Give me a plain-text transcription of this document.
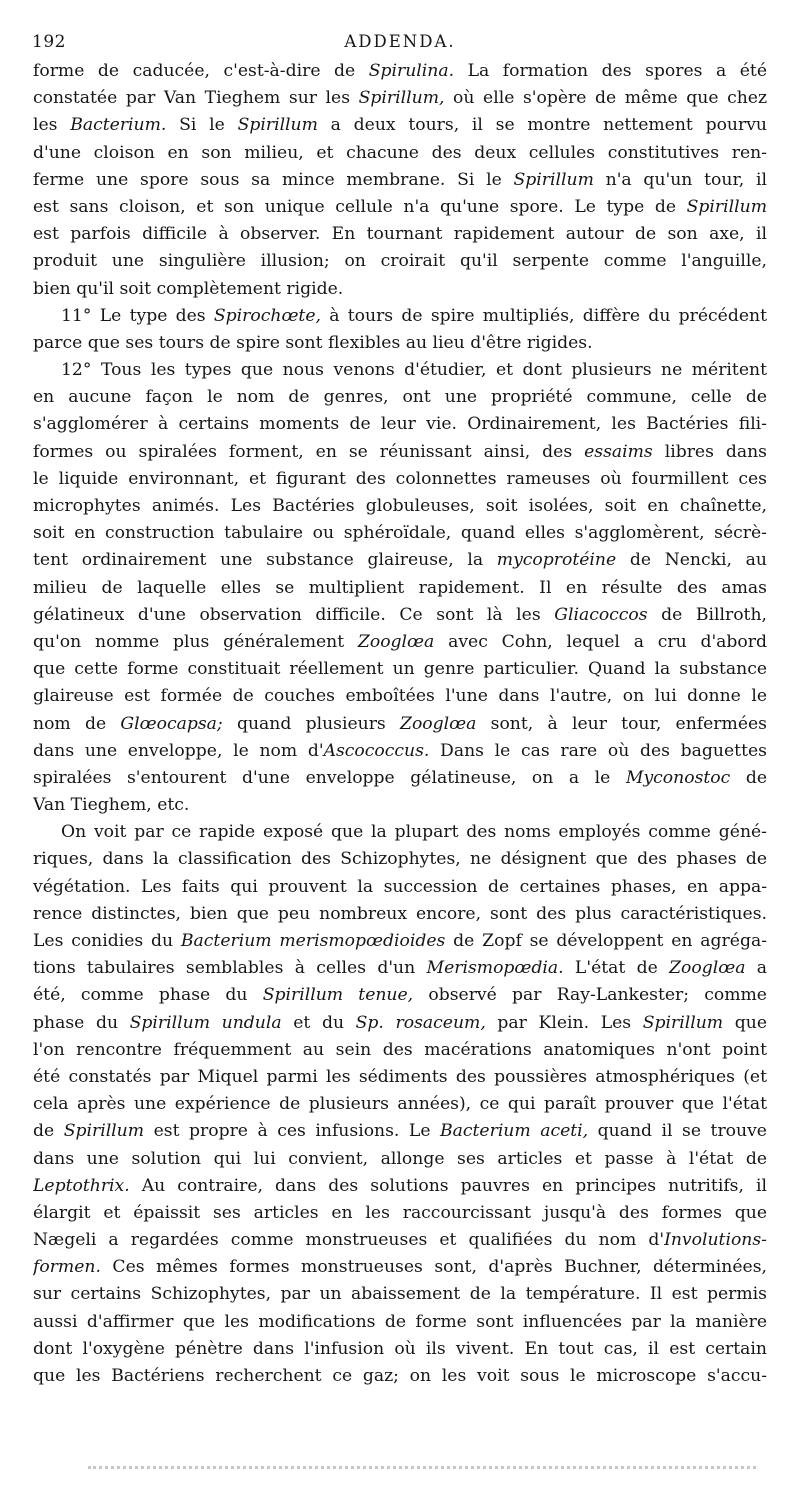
192	ADDENDA.
forme de caducée, c'est-à-dire de Spirulina. La formation des spores a été
constatée par Van Tieghem sur les Spirillum, où elle s'opère de même que chez
les Bacterium. Si le Spirillum a deux tours, il se montre nettement pourvu
d'une cloison en son milieu, et chacune des deux cellules constitutives ren-
ferme une spore sous sa mince membrane. Si le Spirillum n'a qu'un tour, il
est sans cloison, et son unique cellule n'a qu'une spore. Le type de Spirillum
est parfois difficile à observer. En tournant rapidement autour de son axe, il
produit une singulière illusion; on croirait qu'il serpente comme l'anguille,
bien qu'il soit complètement rigide.
11° Le type des Spirochœte, à tours de spire multipliés, diffère du précédent
parce que ses tours de spire sont flexibles au lieu d'être rigides.
12° Tous les types que nous venons d'étudier, et dont plusieurs ne méritent
en aucune façon le nom de genres, ont une propriété commune, celle de
s'agglomérer à certains moments de leur vie. Ordinairement, les Bactéries fili-
formes ou spiralées forment, en se réunissant ainsi, des essaims libres dans
le liquide environnant, et figurant des colonnettes rameuses où fourmillent ces
microphytes animés. Les Bactéries globuleuses, soit isolées, soit en chaînette,
soit en construction tabulaire ou sphéroïdale, quand elles s'agglomèrent, sécrè-
tent ordinairement une substance glaireuse, la mycoprotéine de Nencki, au
milieu de laquelle elles se multiplient rapidement. Il en résulte des amas
gélatineux d'une observation difficile. Ce sont là les Gliacoccos de Billroth,
qu'on nomme plus généralement Zooglœa avec Cohn, lequel a cru d'abord
que cette forme constituait réellement un genre particulier. Quand la substance
glaireuse est formée de couches emboîtées l'une dans l'autre, on lui donne le
nom de Glœocapsa; quand plusieurs Zooglœa sont, à leur tour, enfermées
dans une enveloppe, le nom d'Ascococcus. Dans le cas rare où des baguettes
spiralées s'entourent d'une enveloppe gélatineuse, on a le Myconostoc de
Van Tieghem, etc.
On voit par ce rapide exposé que la plupart des noms employés comme géné-
riques, dans la classification des Schizophytes, ne désignent que des phases de
végétation. Les faits qui prouvent la succession de certaines phases, en appa-
rence distinctes, bien que peu nombreux encore, sont des plus caractéristiques.
Les conidies du Bacterium merismopœdioides de Zopf se développent en agréga-
tions tabulaires semblables à celles d'un Merismopœdia. L'état de Zooglœa a
été, comme phase du Spirillum tenue, observé par Ray-Lankester; comme
phase du Spirillum undula et du Sp. rosaceum, par Klein. Les Spirillum que
l'on rencontre fréquemment au sein des macérations anatomiques n'ont point
été constatés par Miquel parmi les sédiments des poussières atmosphériques (et
cela après une expérience de plusieurs années), ce qui paraît prouver que l'état
de Spirillum est propre à ces infusions. Le Bacterium aceti, quand il se trouve
dans une solution qui lui convient, allonge ses articles et passe à l'état de
Leptothrix. Au contraire, dans des solutions pauvres en principes nutritifs, il
élargit et épaissit ses articles en les raccourcissant jusqu'à des formes que
Nægeli a regardées comme monstrueuses et qualifiées du nom d'Involutions-
formen. Ces mêmes formes monstrueuses sont, d'après Buchner, déterminées,
sur certains Schizophytes, par un abaissement de la température. Il est permis
aussi d'affirmer que les modifications de forme sont influencées par la manière
dont l'oxygène pénètre dans l'infusion où ils vivent. En tout cas, il est certain
que les Bactériens recherchent ce gaz; on les voit sous le microscope s'accu-
